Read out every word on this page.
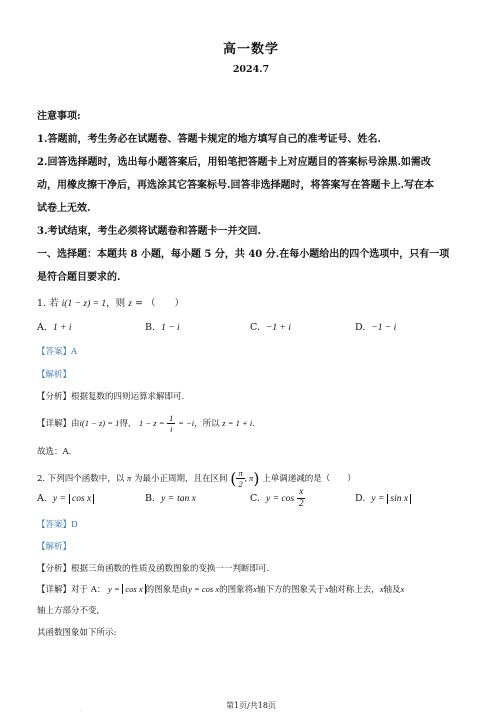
高一数学
2024.7
注意事项:
1.答题前，考生务必在试题卷、答题卡规定的地方填写自己的准考证号、姓名.
2.回答选择题时，选出每小题答案后，用铅笔把答题卡上对应题目的答案标号涂黑.如需改
动，用橡皮擦干净后，再选涂其它答案标号.回答非选择题时，将答案写在答题卡上.写在本
试卷上无效.
3.考试结束，考生必须将试题卷和答题卡一并交回.
一、选择题：本题共 8 小题，每小题 5 分，共 40 分.在每小题给出的四个选项中，只有一项
是符合题目要求的.
1. 若 i(1 − z) = 1，则 z = （　　）
A. 1 + i	B. 1 − i	C. −1 + i	D. −1 − i
【答案】A
【解析】
【分析】根据复数的四则运算求解即可.
【详解】由i(1 − z) = 1得， $1 - z = \frac{1}{i} = -i$，所以 z = 1 + i.
故选：A.
2. 下列四个函数中，以 π 为最小正周期，且在区间 ( $\frac{\pi}{2}$ , π) 上单调递减的是（　　）
A. y = cos x	B. y = tan x	C. $y = \cos \frac{x}{2}$	D. y = sin x
【答案】D
【解析】
【分析】根据三角函数的性质及函数图象的变换一一判断即可.
【详解】对于 A： y = cos x 的图象是由y = cos x的图象将x轴下方的图象关于x轴对称上去，x轴及x
轴上方部分不变,
其函数图象如下所示:
.	第1页/共18页
